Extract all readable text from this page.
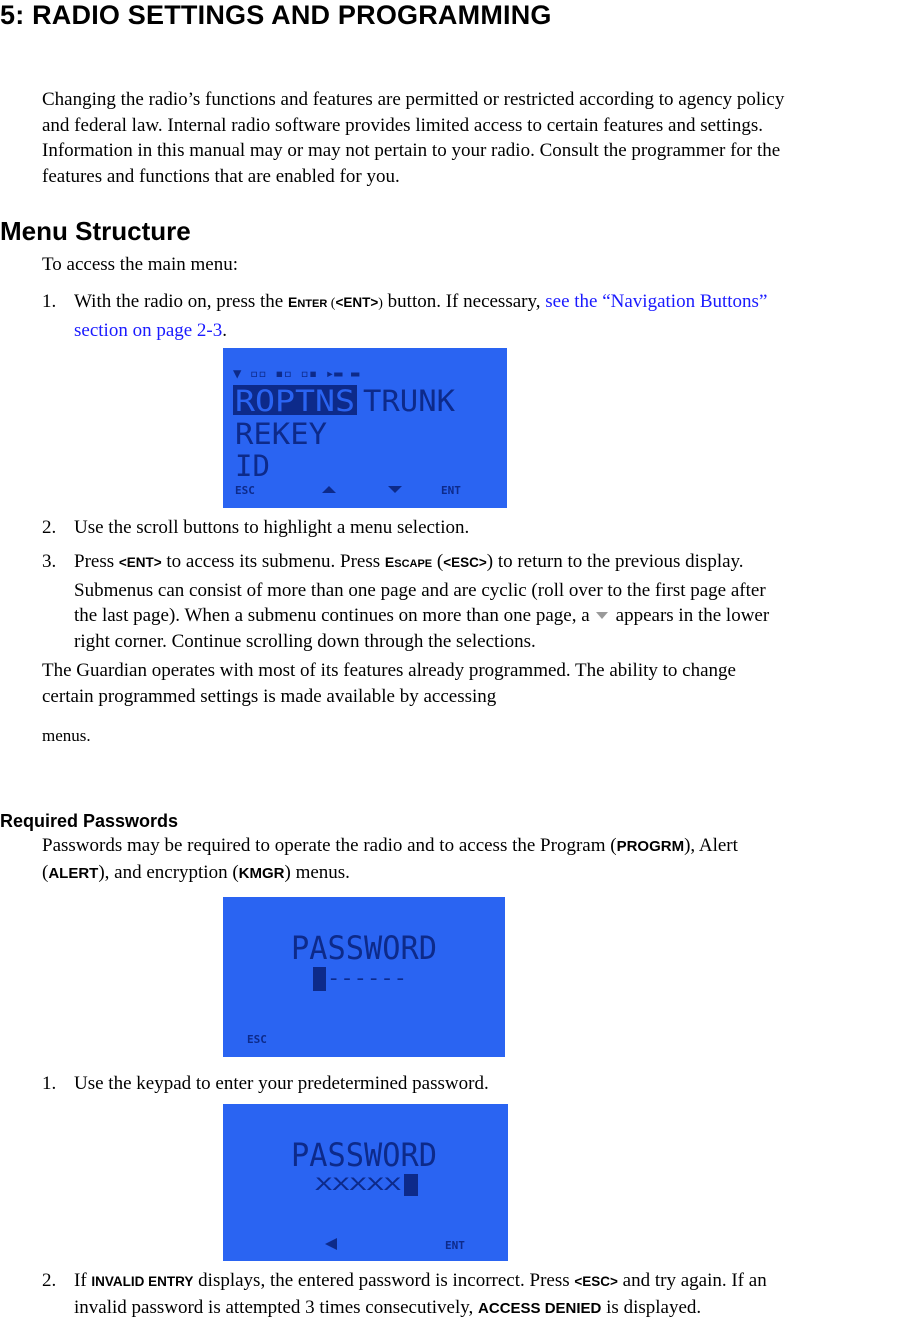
5: RADIO SETTINGS AND PROGRAMMING
Changing the radio’s functions and features are permitted or restricted according to agency policy
and federal law. Internal radio software provides limited access to certain features and settings.
Information in this manual may or may not pertain to your radio. Consult the programmer for the
features and functions that are enabled for you.
Menu Structure
To access the main menu:
1. With the radio on, press the ENTER (<ENT>) button. If necessary, see the “Navigation Buttons”
section on page 2-3.
▼ ▫▫ ▪▫ ▫▪ ▸▬ ▬
ROPTNS TRUNK
REKEY
ID
ESC	ENT
2. Use the scroll buttons to highlight a menu selection.
3. Press <ENT> to access its submenu. Press ESCAPE (<ESC>) to return to the previous display.
Submenus can consist of more than one page and are cyclic (roll over to the first page after
the last page). When a submenu continues on more than one page, a appears in the lower
right corner. Continue scrolling down through the selections.
The Guardian operates with most of its features already programmed. The ability to change
certain programmed settings is made available by accessing
menus.
Required Passwords
Passwords may be required to operate the radio and to access the Program (PROGRM), Alert
(ALERT), and encryption (KMGR) menus.
PASSWORD
------
ESC
1. Use the keypad to enter your predetermined password.
PASSWORD
XXXXX
ENT
2. If INVALID ENTRY displays, the entered password is incorrect. Press <ESC> and try again. If an
invalid password is attempted 3 times consecutively, ACCESS DENIED is displayed.
